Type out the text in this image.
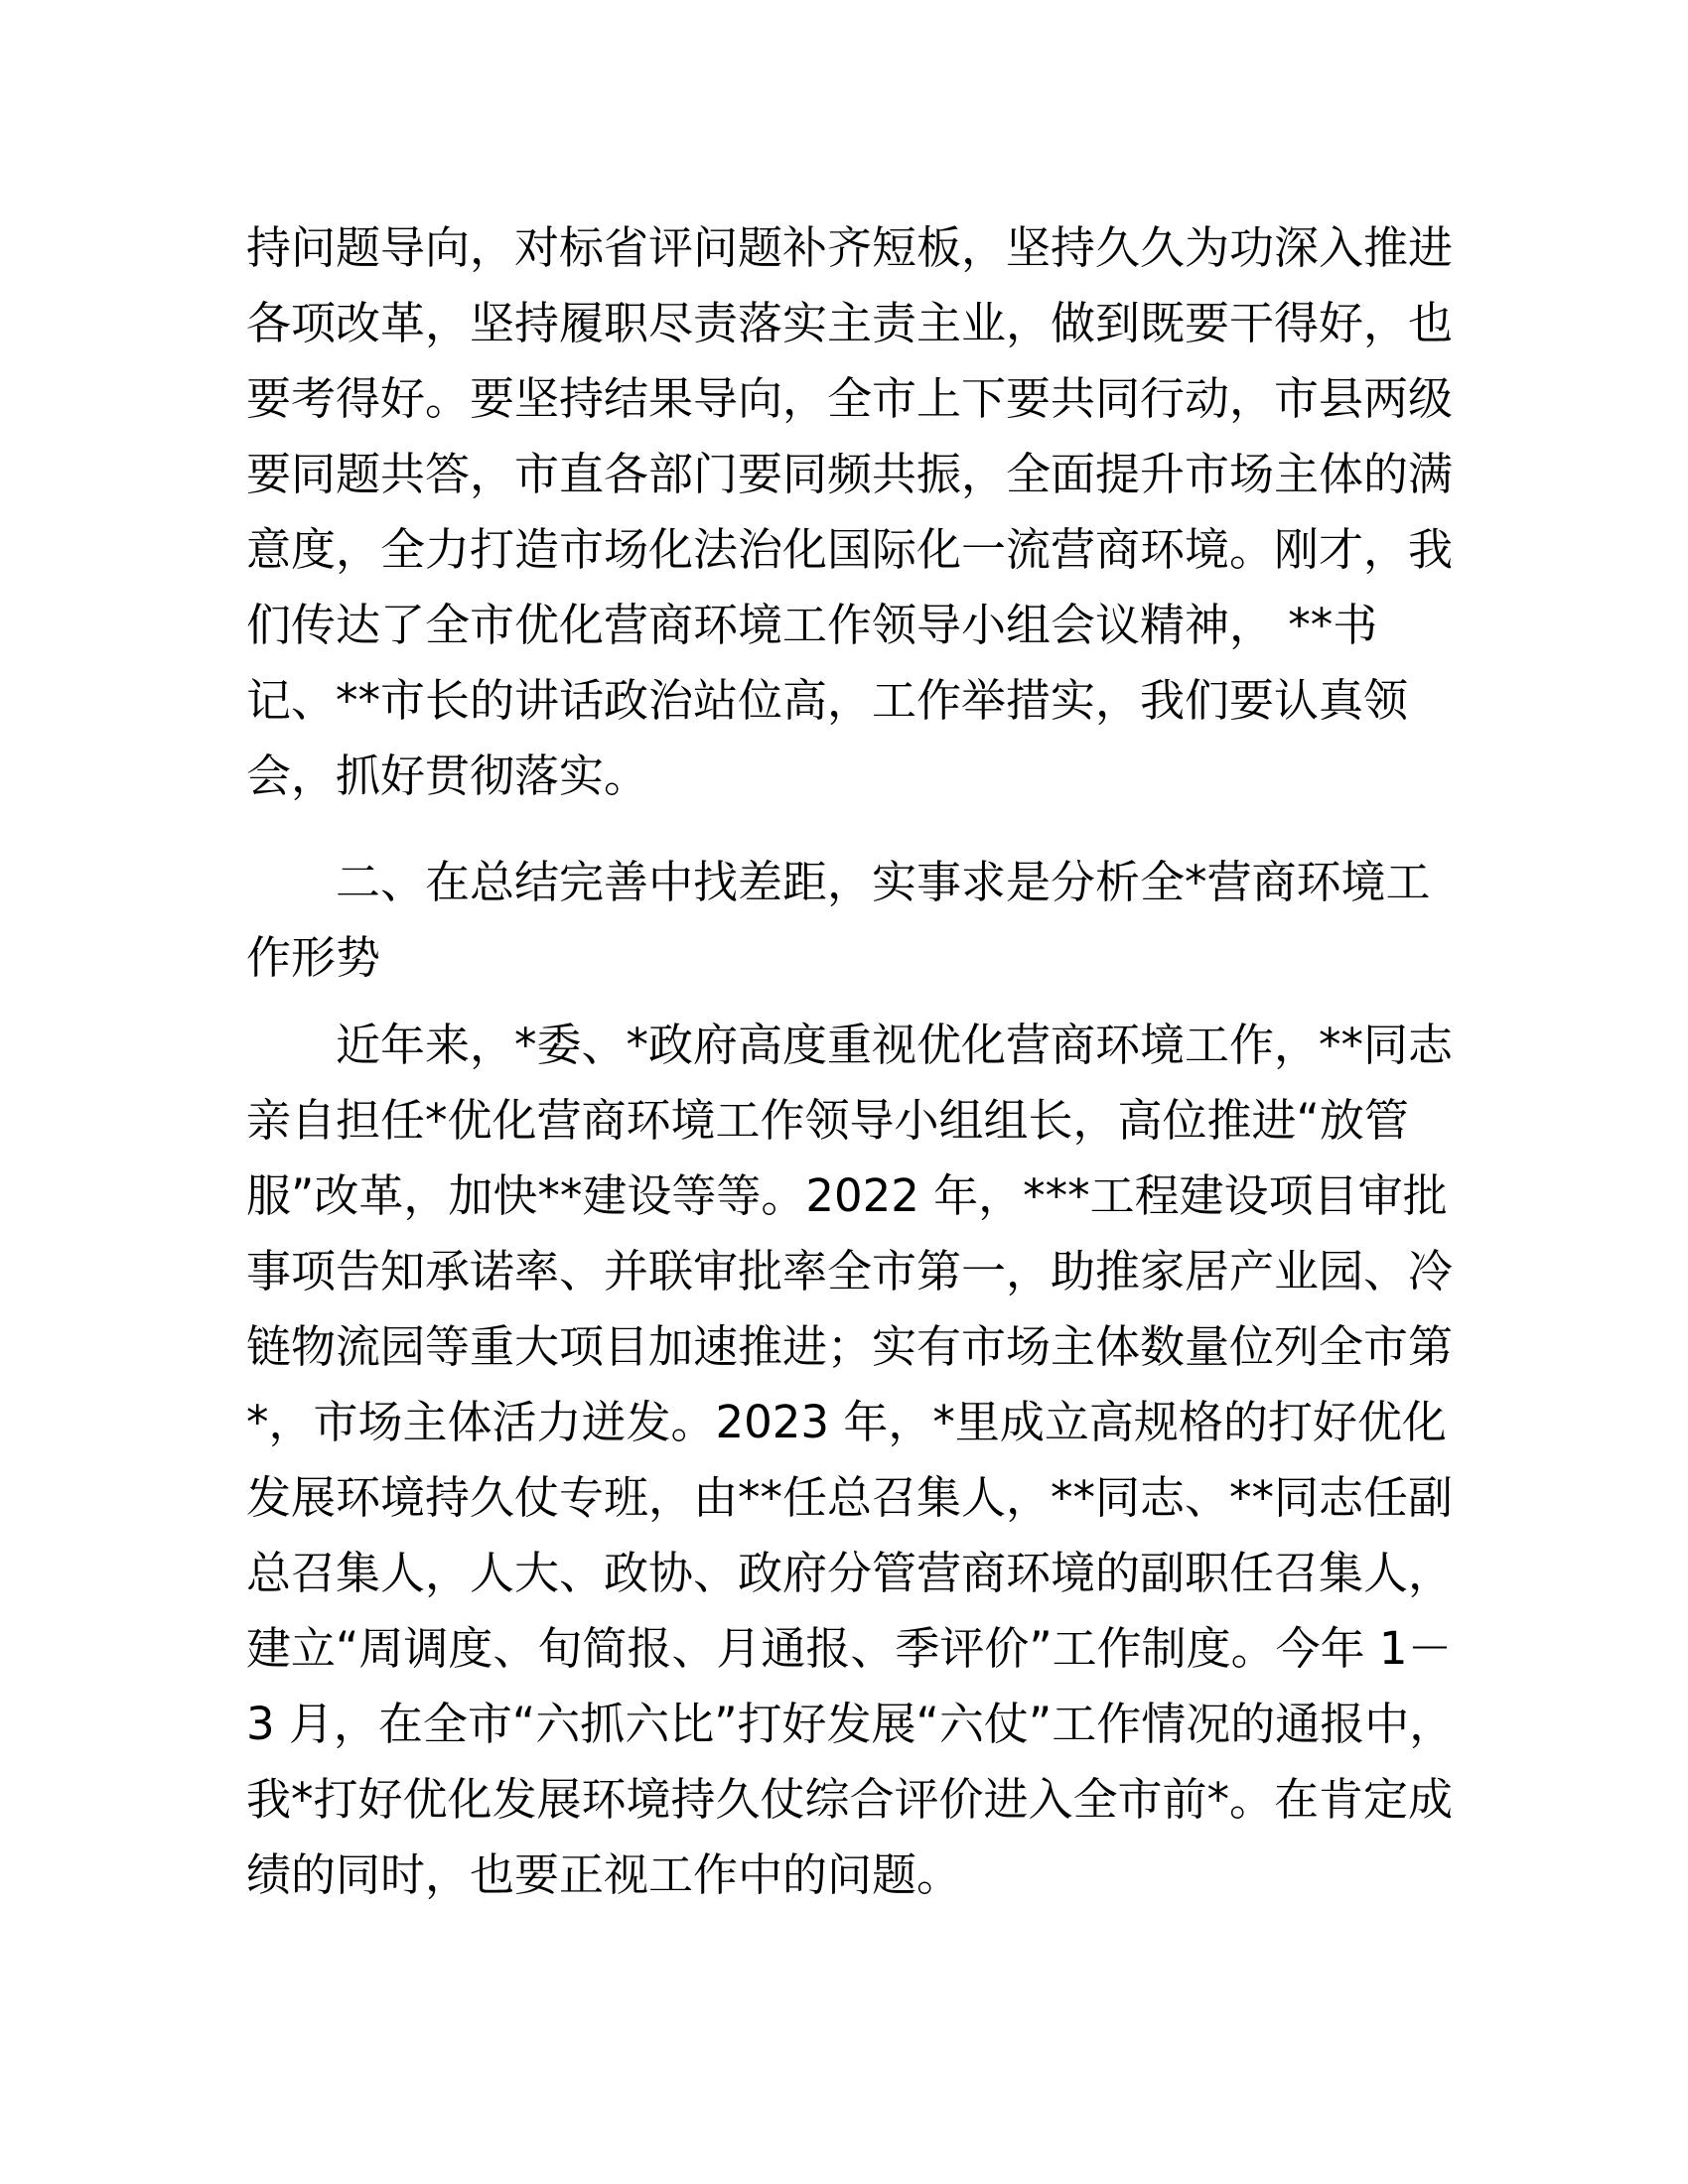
持问题导向，对标省评问题补齐短板，坚持久久为功深入推进
各项改革，坚持履职尽责落实主责主业，做到既要干得好，也
要考得好。要坚持结果导向，全市上下要共同行动，市县两级
要同题共答，市直各部门要同频共振，全面提升市场主体的满
意度，全力打造市场化法治化国际化一流营商环境。刚才，我
们传达了全市优化营商环境工作领导小组会议精神， **书
记、**市长的讲话政治站位高，工作举措实，我们要认真领
会，抓好贯彻落实。
二、在总结完善中找差距，实事求是分析全*营商环境工
作形势
近年来，*委、*政府高度重视优化营商环境工作，**同志
亲自担任*优化营商环境工作领导小组组长，高位推进“放管
服”改革，加快**建设等等。2022 年，***工程建设项目审批
事项告知承诺率、并联审批率全市第一，助推家居产业园、冷
链物流园等重大项目加速推进；实有市场主体数量位列全市第
*，市场主体活力迸发。2023 年，*里成立高规格的打好优化
发展环境持久仗专班，由**任总召集人，**同志、**同志任副
总召集人，人大、政协、政府分管营商环境的副职任召集人，
建立“周调度、旬简报、月通报、季评价”工作制度。今年 1－
3 月，在全市“六抓六比”打好发展“六仗”工作情况的通报中，
我*打好优化发展环境持久仗综合评价进入全市前*。在肯定成
绩的同时，也要正视工作中的问题。
